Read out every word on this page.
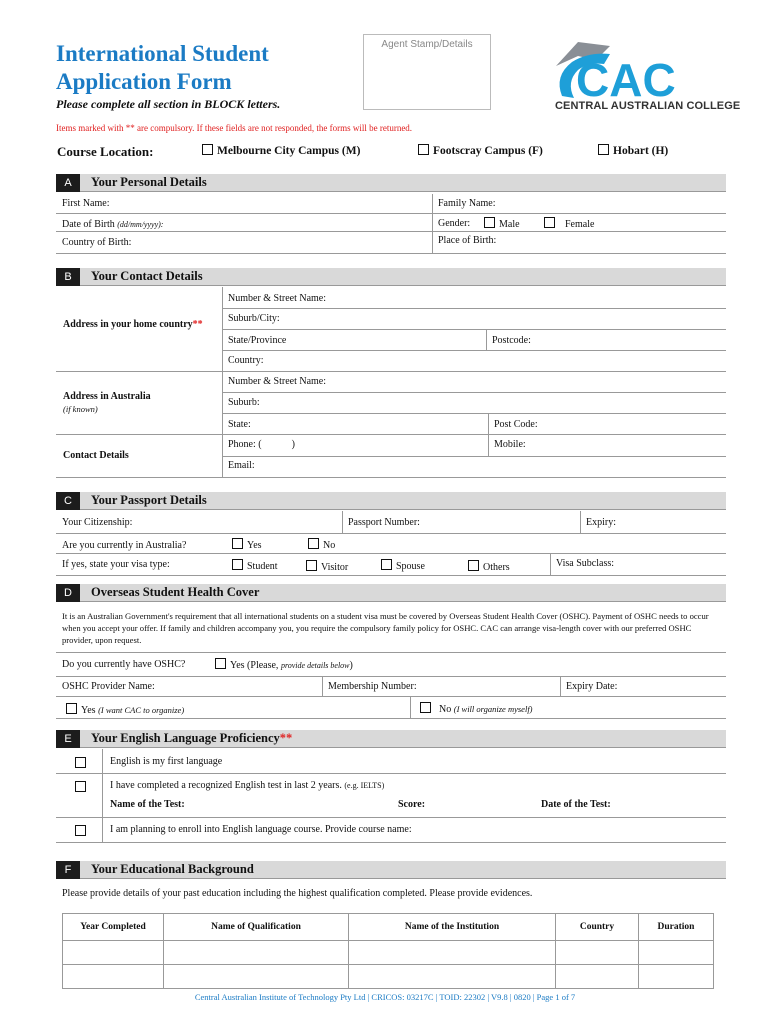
International Student
Application Form
Please complete all section in BLOCK letters.
Agent Stamp/Details
CAC
CENTRAL AUSTRALIAN COLLEGE
Items marked with ** are compulsory. If these fields are not responded, the forms will be returned.
Course Location:	Melbourne City Campus (M)	Footscray Campus (F)	Hobart (H)
A	Your Personal Details
First Name:	Family Name:
Date of Birth (dd/mm/yyyy):	Gender:	Male	Female
Country of Birth:	Place of Birth:
B	Your Contact Details
Address in your home country**
Number & Street Name:
Suburb/City:
State/Province	Postcode:
Country:
Address in Australia
(if known)
Number & Street Name:
Suburb:
State:	Post Code:
Contact Details
Phone: (	)	Mobile:
Email:
C	Your Passport Details
Your Citizenship:	Passport Number:	Expiry:
Are you currently in Australia?	Yes	No
If yes, state your visa type:	Student	Visitor	Spouse	Others	Visa Subclass:
D	Overseas Student Health Cover
It is an Australian Government's requirement that all international students on a student visa must be covered by Overseas Student Health Cover (OSHC). Payment of OSHC needs to occur when you accept your offer. If family and children accompany you, you require the compulsory family policy for OSHC. CAC can arrange visa-length cover with our preferred OSHC provider, upon request.
Do you currently have OSHC?	Yes (Please, provide details below)
OSHC Provider Name:	Membership Number:	Expiry Date:
Yes (I want CAC to organize)	No (I will organize myself)
E	Your English Language Proficiency**
English is my first language
I have completed a recognized English test in last 2 years. (e.g. IELTS)
Name of the Test:	Score:	Date of the Test:
I am planning to enroll into English language course. Provide course name:
F	Your Educational Background
Please provide details of your past education including the highest qualification completed. Please provide evidences.
Year Completed	Name of Qualification	Name of the Institution	Country	Duration

Central Australian Institute of Technology Pty Ltd | CRICOS: 03217C | TOID: 22302 | V9.8 | 0820 | Page 1 of 7
